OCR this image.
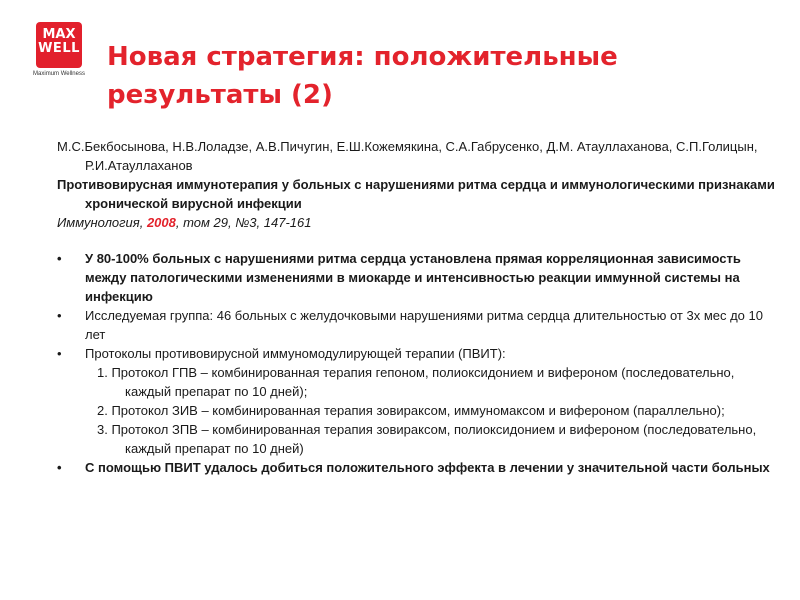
MAX
WELL
Maximum Wellness
Новая стратегия: положительные результаты (2)

М.С.Бекбосынова, Н.В.Лоладзе, А.В.Пичугин, Е.Ш.Кожемякина, С.А.Габрусенко, Д.М. Атауллаханова, С.П.Голицын, Р.И.Атауллаханов

Противовирусная иммунотерапия у больных с нарушениями ритма сердца и иммунологическими признаками хронической вирусной инфекции

Иммунология, 2008, том 29, №3, 147-161

• У 80-100% больных с нарушениями ритма сердца установлена прямая корреляционная зависимость между патологическими изменениями в миокарде и интенсивностью реакции иммунной системы на инфекцию
• Исследуемая группа: 46 больных с желудочковыми нарушениями ритма сердца длительностью от 3х мес до 10 лет
• Протоколы противовирусной иммуномодулирующей терапии (ПВИТ):

1. Протокол ГПВ – комбинированная терапия гепоном, полиоксидонием и вифероном (последовательно, каждый препарат по 10 дней);

2. Протокол ЗИВ – комбинированная терапия зовираксом, иммуномаксом и вифероном (параллельно);

3. Протокол ЗПВ – комбинированная терапия зовираксом, полиоксидонием и вифероном (последовательно, каждый препарат по 10 дней)

• С помощью ПВИТ удалось добиться положительного эффекта в лечении у значительной части больных
